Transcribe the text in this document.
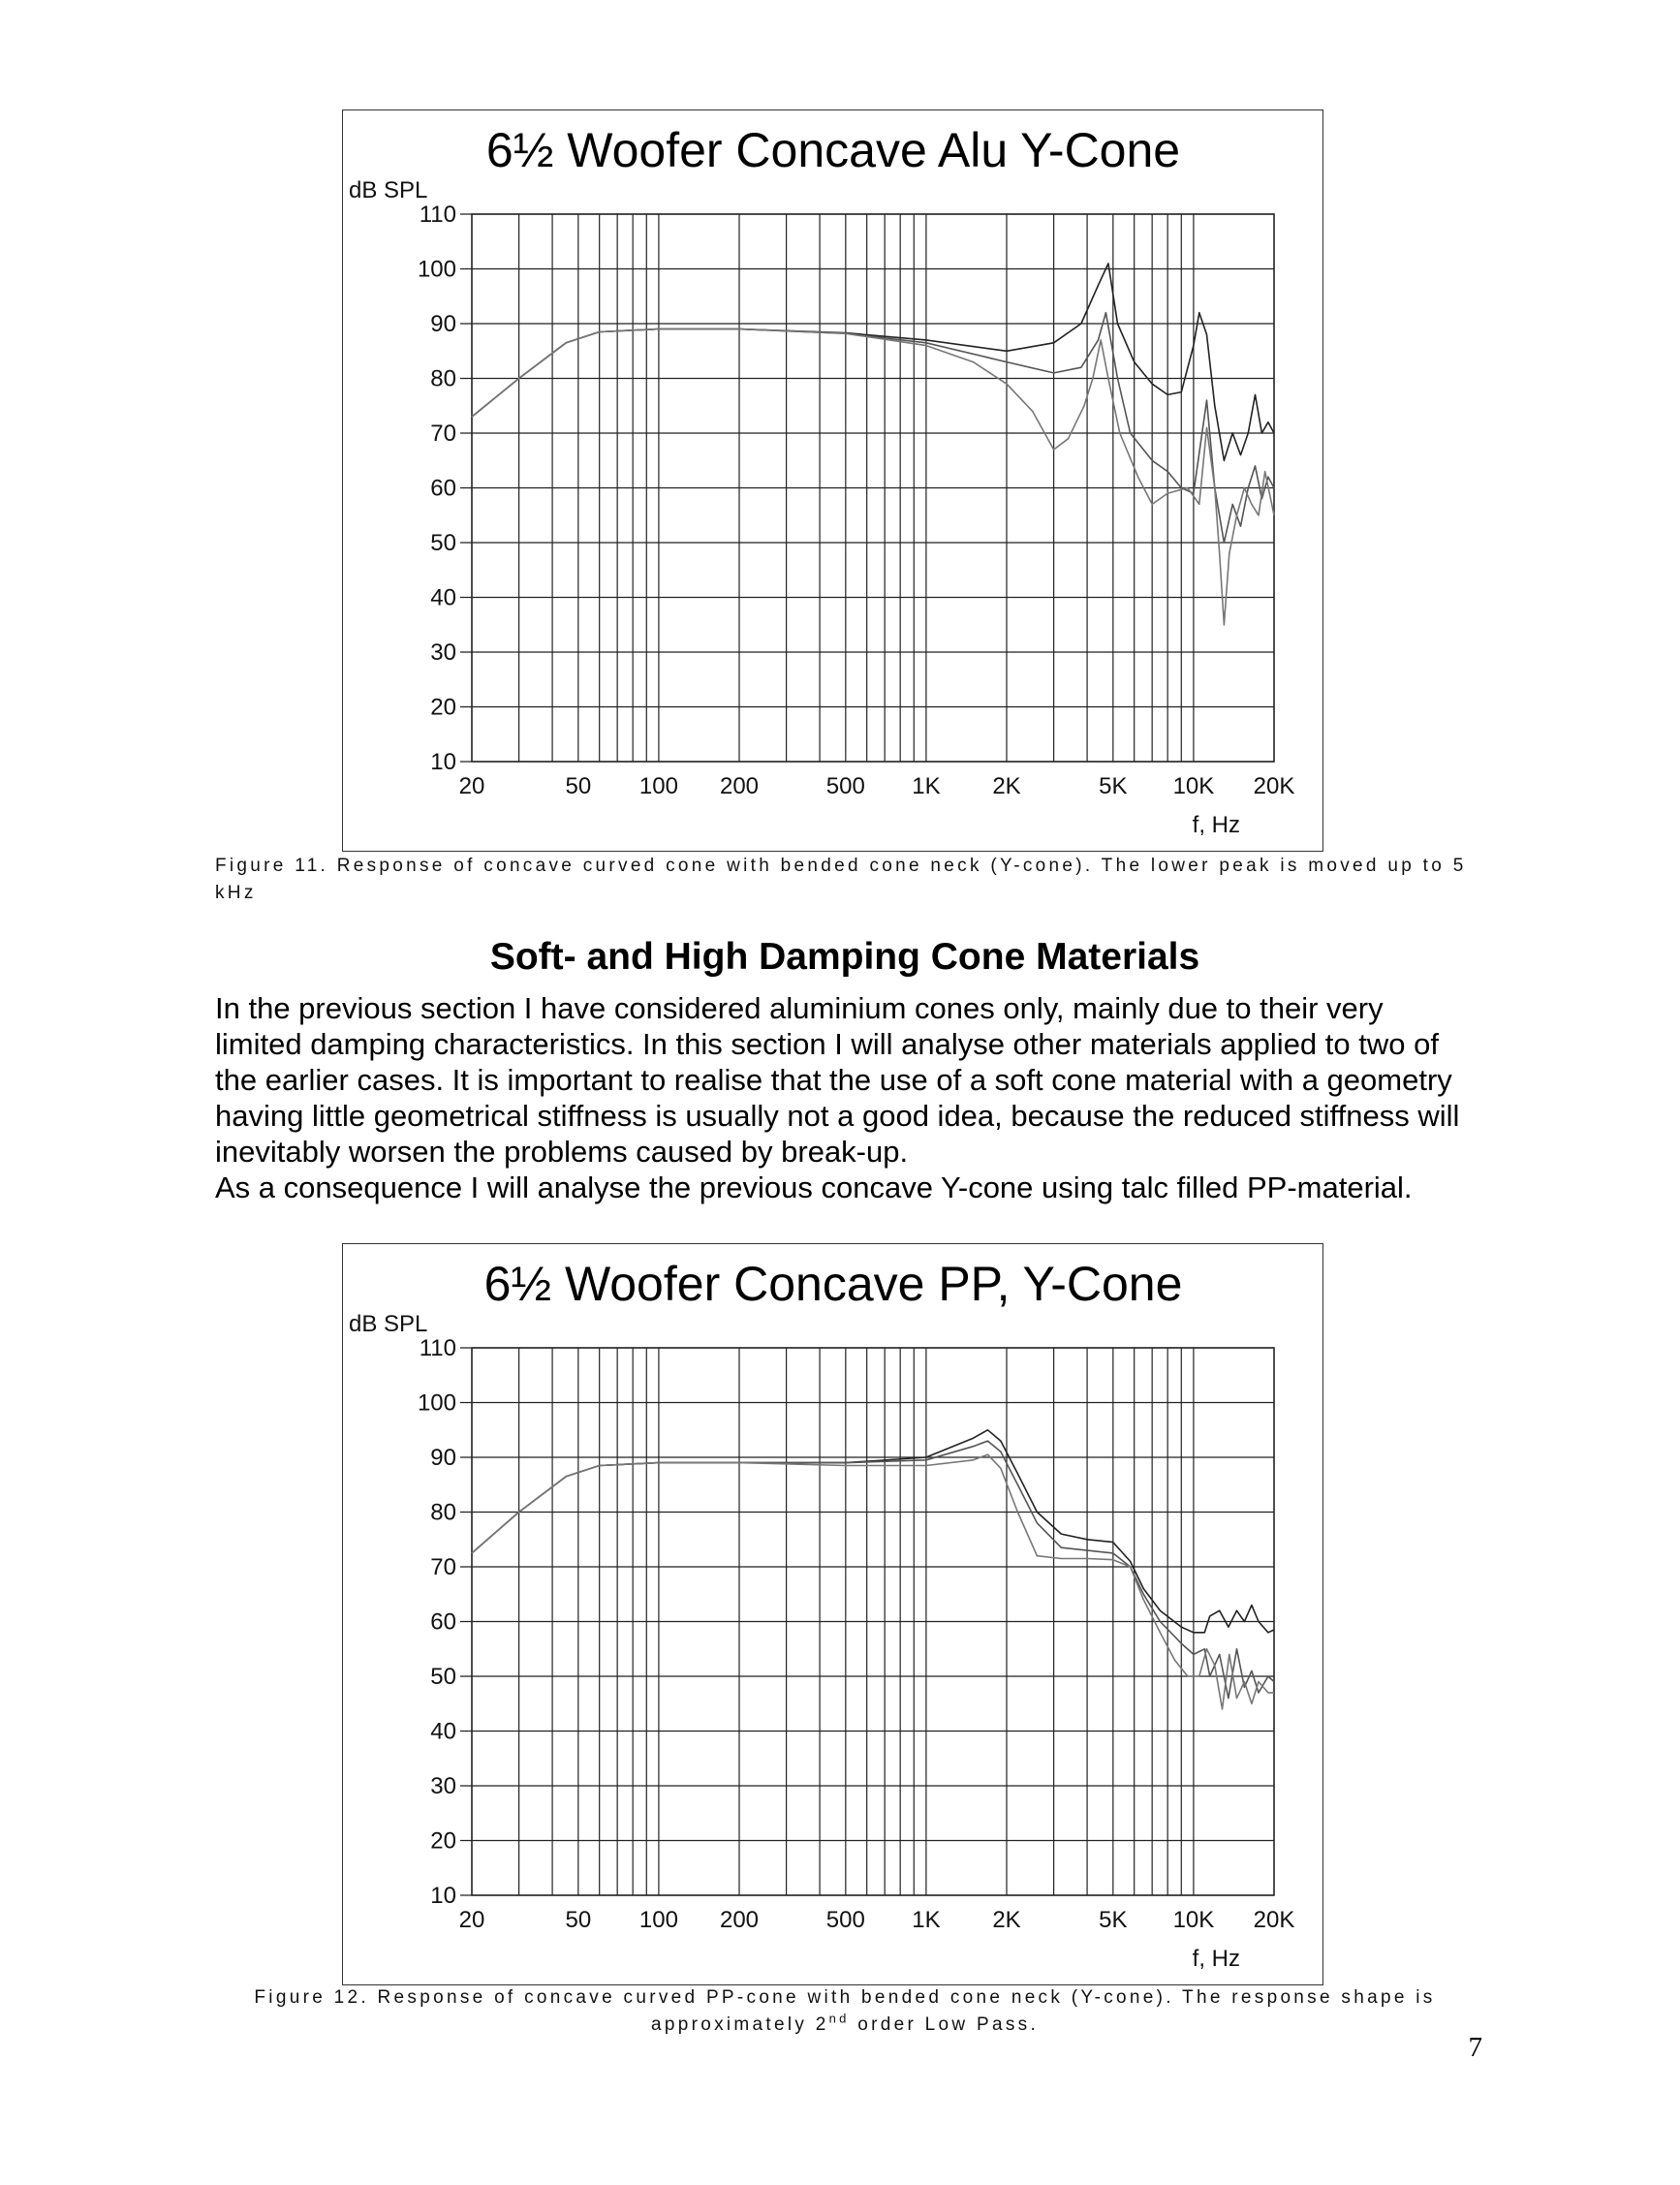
6½ Woofer Concave Alu Y-Cone
dB SPL
f, Hz
110
100
90
80
70
60
50
40
30
20
10
20	50 100 200	500 1K 2K	5K 10K 20K
Figure 11. Response of concave curved cone with bended cone neck (Y-cone). The lower peak is moved up to 5 kHz
Soft- and High Damping Cone Materials

In the previous section I have considered aluminium cones only, mainly due to their very limited damping characteristics. In this section I will analyse other materials applied to two of the earlier cases. It is important to realise that the use of a soft cone material with a geometry having little geometrical stiffness is usually not a good idea, because the reduced stiffness will inevitably worsen the problems caused by break-up.

As a consequence I will analyse the previous concave Y-cone using talc filled PP-material.

6½ Woofer Concave PP, Y-Cone
dB SPL
f, Hz
110
100
90
80
70
60
50
40
30
20
10
20	50 100 200	500 1K 2K	5K 10K 20K
Figure 12. Response of concave curved PP-cone with bended cone neck (Y-cone). The response shape is approximately 2nd order Low Pass.
7
